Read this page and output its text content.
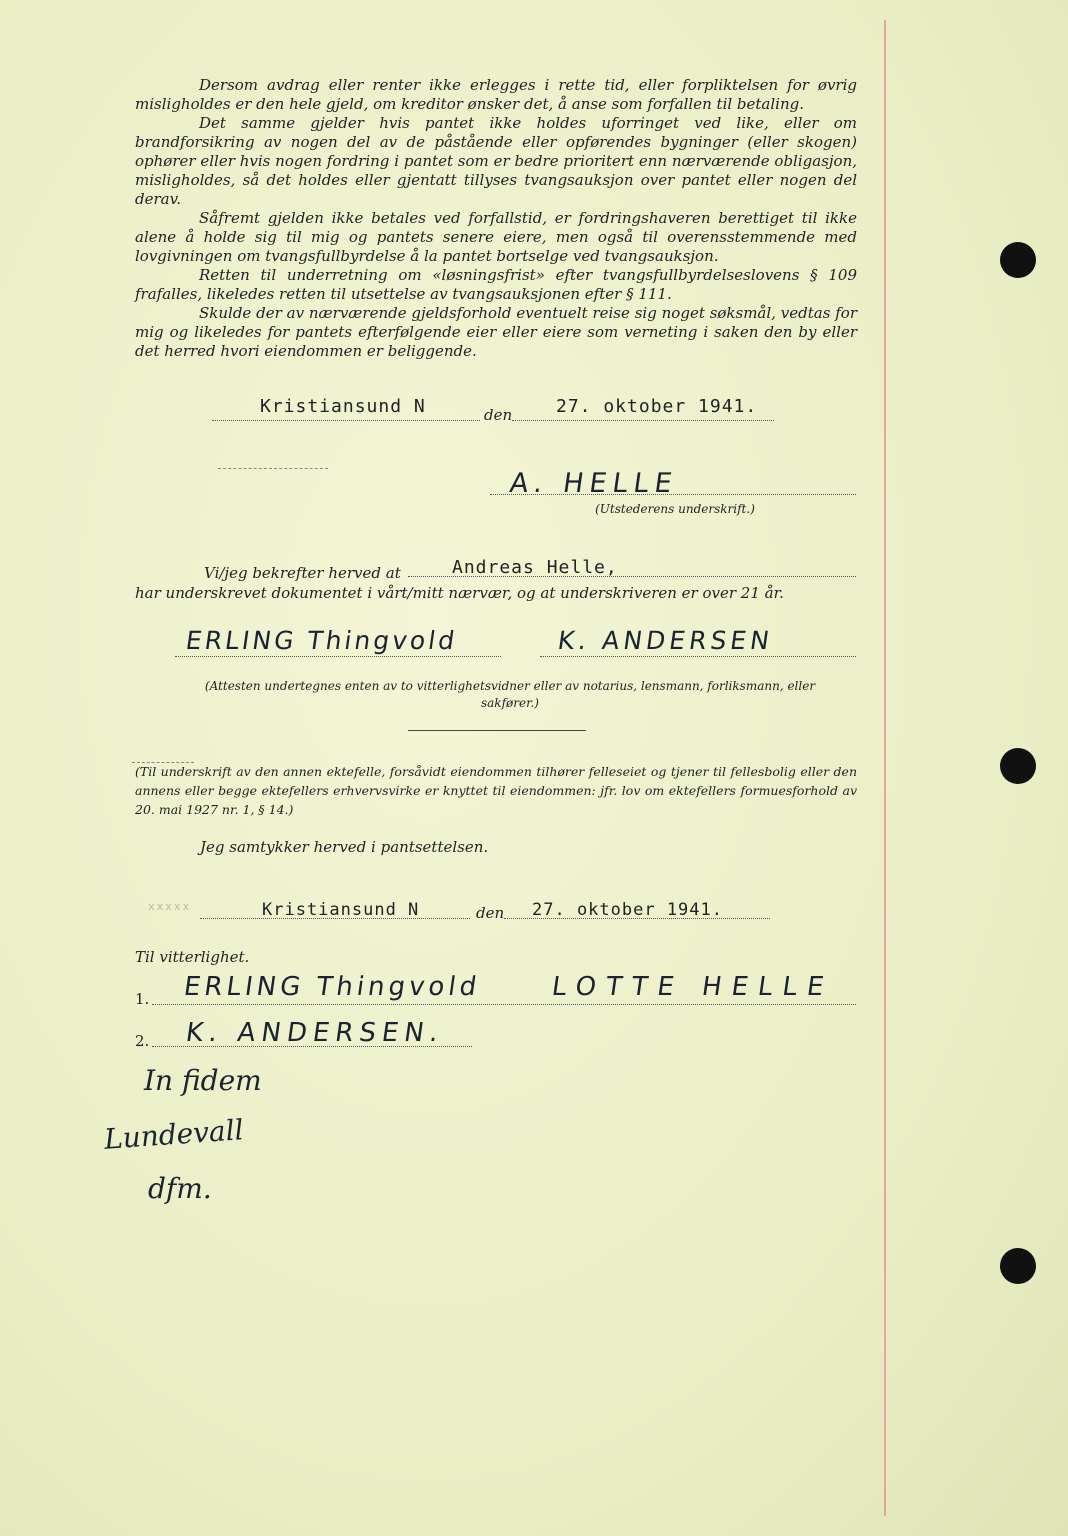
Dersom avdrag eller renter ikke erlegges i rette tid, eller forpliktelsen for øvrig misligholdes er den hele gjeld, om kreditor ønsker det, å anse som forfallen til betaling.

Det samme gjelder hvis pantet ikke holdes uforringet ved like, eller om brandforsikring av nogen del av de påstående eller opførendes bygninger (eller skogen) ophører eller hvis nogen fordring i pantet som er bedre prioritert enn nærværende obligasjon, misligholdes, så det holdes eller gjentatt tillyses tvangsauksjon over pantet eller nogen del derav.

Såfremt gjelden ikke betales ved forfallstid, er fordringshaveren berettiget til ikke alene å holde sig til mig og pantets senere eiere, men også til overensstemmende med lovgivningen om tvangsfullbyrdelse å la pantet bortselge ved tvangsauksjon.

Retten til underretning om «løsningsfrist» efter tvangsfullbyrdelseslovens § 109 frafalles, likeledes retten til utsettelse av tvangsauksjonen efter § 111.

Skulde der av nærværende gjeldsforhold eventuelt reise sig noget søksmål, vedtas for mig og likeledes for pantets efterfølgende eier eller eiere som verneting i saken den by eller det herred hvori eiendommen er beliggende.

Kristiansund N	den 27. oktober 1941.
A. HELLE
(Utstederens underskrift.)
Vi/jeg bekrefter herved at	Andreas Helle,
har underskrevet dokumentet i vårt/mitt nærvær, og at underskriveren er over 21 år.
ERLING Thingvold	K. ANDERSEN
(Attesten undertegnes enten av to vitterlighetsvidner eller av notarius, lensmann, forliksmann, eller sakfører.)
(Til underskrift av den annen ektefelle, forsåvidt eiendommen tilhører felleseiet og tjener til fellesbolig eller den annens eller begge ektefellers erhvervsvirke er knyttet til eiendommen: jfr. lov om ektefellers formuesforhold av 20. mai 1927 nr. 1, § 14.)
Jeg samtykker herved i pantsettelsen.
xxxxx	Kristiansund N	den 27. oktober 1941.
Til vitterlighet.
1. ERLING Thingvold	LOTTE HELLE
2. K. ANDERSEN.
In fidem
Lundevall
dfm.
